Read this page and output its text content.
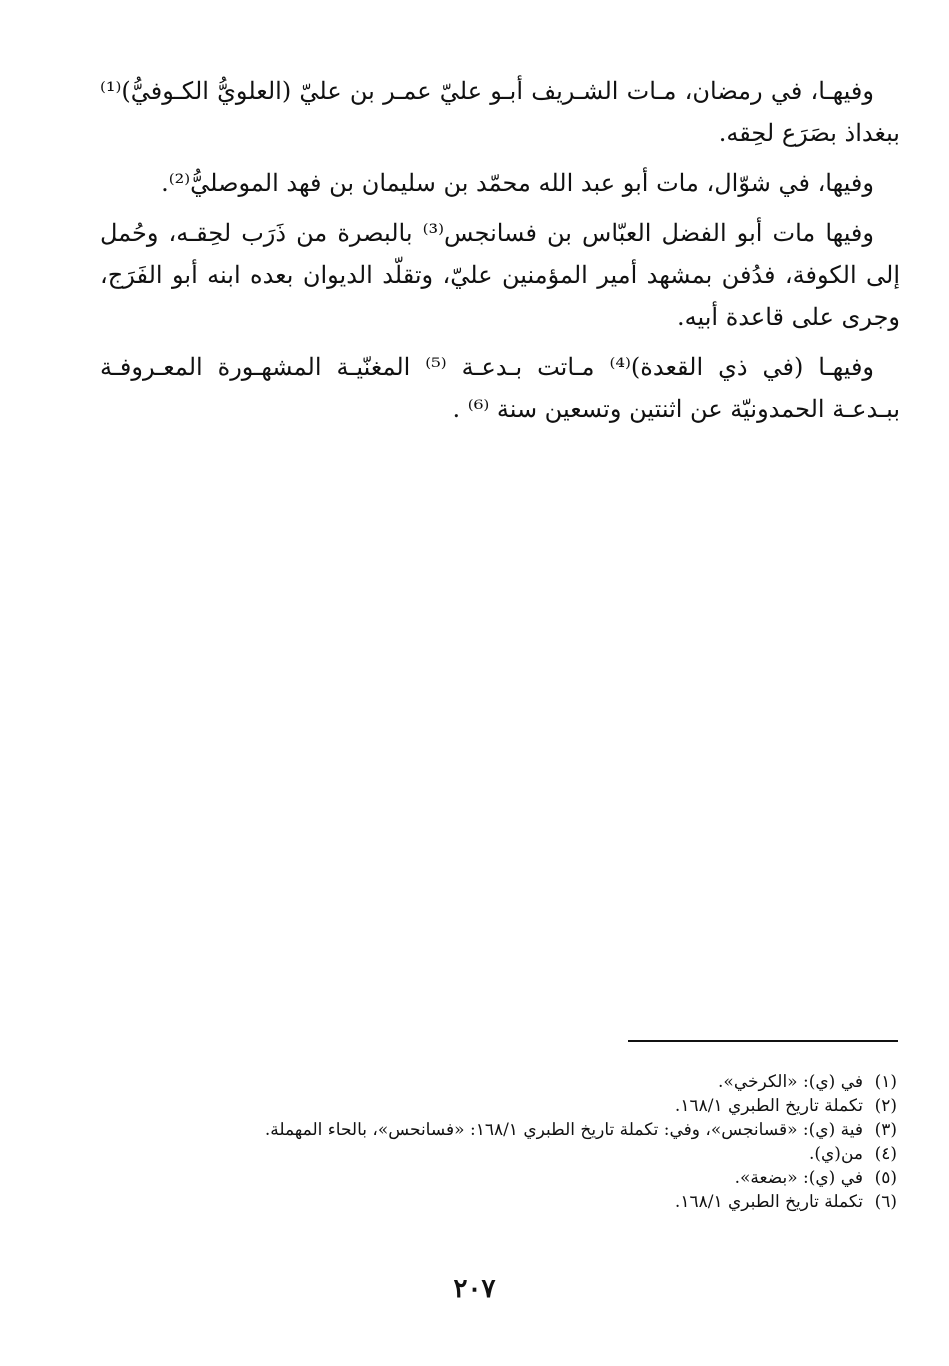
وفيهـا، في رمضان، مـات الشـريف أبـو عليّ عمـر بن عليّ (العلويُّ الكـوفيُّ)⁽¹⁾ ببغداذ بصَرَع لحِقه.

وفيها، في شوّال، مات أبو عبد الله محمّد بن سليمان بن فهد الموصليُّ⁽²⁾.

وفيها مات أبو الفضل العبّاس بن فسانجس⁽³⁾ بالبصرة من ذَرَب لحِقـه، وحُمل إلى الكوفة، فدُفن بمشهد أمير المؤمنين عليّ، وتقلّد الديوان بعده ابنه أبو الفَرَج، وجرى على قاعدة أبيه.

وفيهـا (في ذي القعدة)⁽⁴⁾ مـاتت بـدعـة ⁽⁵⁾ المغنّيـة المشهـورة المعـروفـة ببـدعـة الحمدونيّة عن اثنتين وتسعين سنة ⁽⁶⁾ .

(١)
في (ي): «الكرخي».
(٢)
تكملة تاريخ الطبري ١٦٨/١.
(٣)
فية (ي): «قسانجس»، وفي: تكملة تاريخ الطبري ١٦٨/١: «فسانحس»، بالحاء المهملة.
(٤)
من(ي).
(٥)
في (ي): «بضعة».
(٦)
تكملة تاريخ الطبري ١٦٨/١.
٢٠٧
